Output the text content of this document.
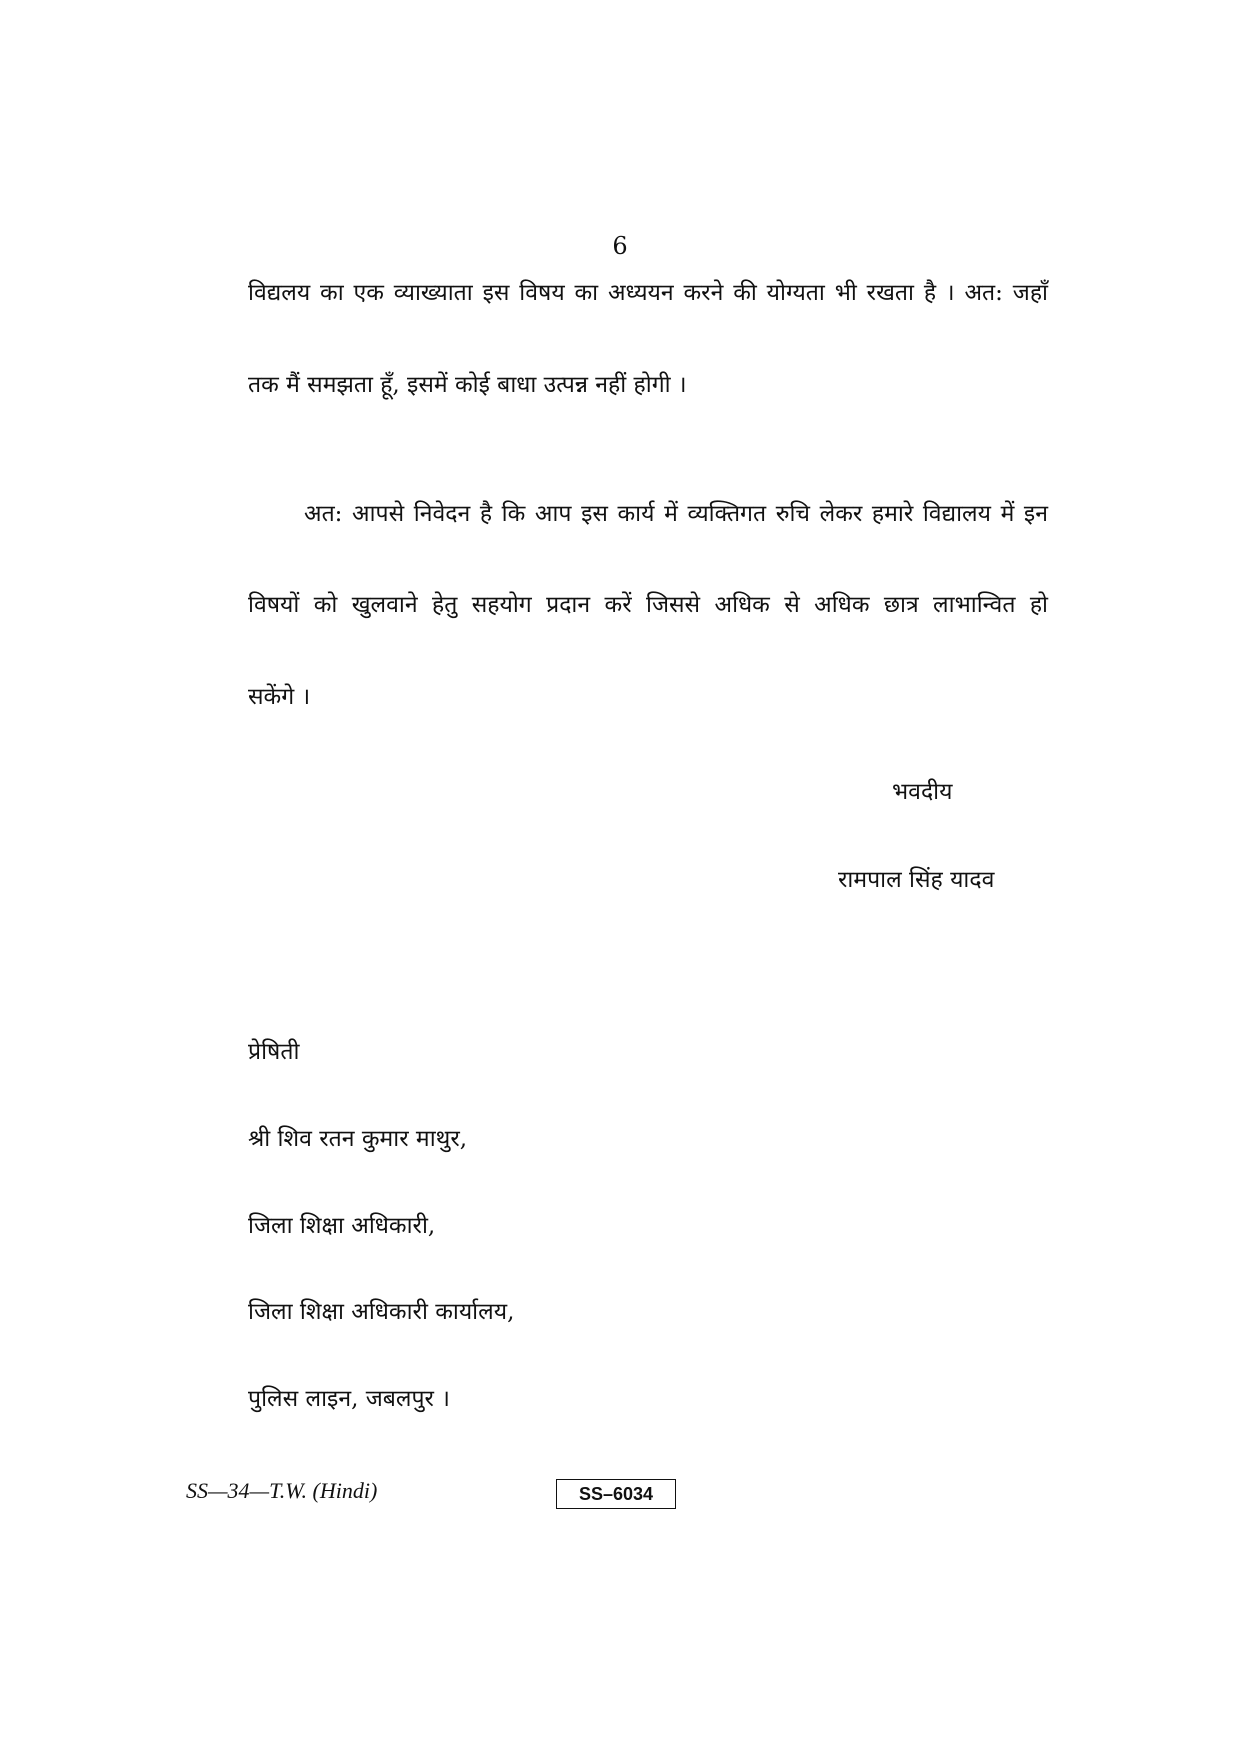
6
विद्यलय का एक व्याख्याता इस विषय का अध्ययन करने की योग्यता भी रखता है । अत: जहाँ
तक मैं समझता हूँ, इसमें कोई बाधा उत्पन्न नहीं होगी ।
अत: आपसे निवेदन है कि आप इस कार्य में व्यक्तिगत रुचि लेकर हमारे विद्यालय में इन
विषयों को खुलवाने हेतु सहयोग प्रदान करें जिससे अधिक से अधिक छात्र लाभान्वित हो
सकेंगे ।
भवदीय
रामपाल सिंह यादव
प्रेषिती
श्री शिव रतन कुमार माथुर,
जिला शिक्षा अधिकारी,
जिला शिक्षा अधिकारी कार्यालय,
पुलिस लाइन, जबलपुर ।
SS—34—T.W. (Hindi)	SS–6034
